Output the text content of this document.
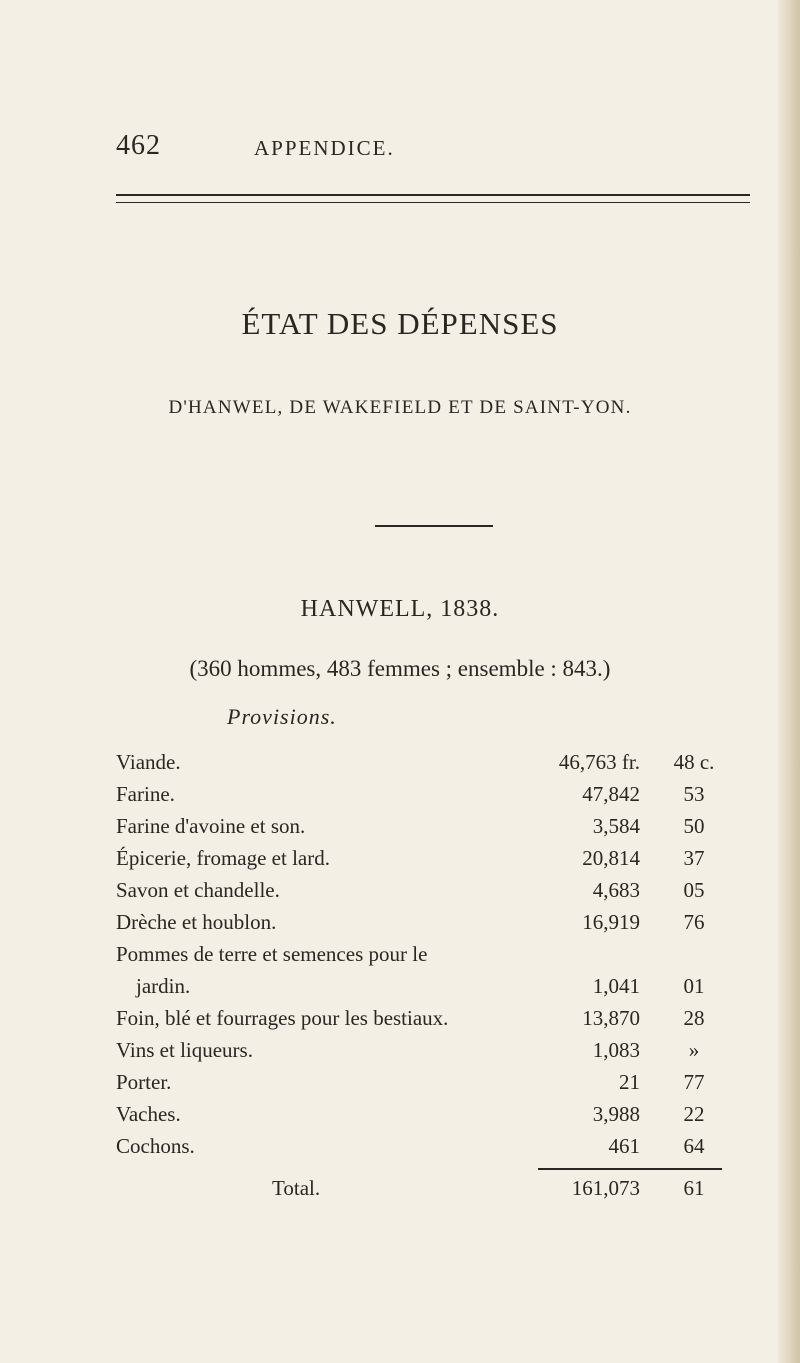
462	APPENDICE.
ÉTAT DES DÉPENSES
D'HANWEL, DE WAKEFIELD ET DE SAINT-YON.
HANWELL, 1838.
(360 hommes, 483 femmes ; ensemble : 843.)
Provisions.
Viande.	46,763 fr.	48 c.
Farine.	47,842	53
Farine d'avoine et son.	3,584	50
Épicerie, fromage et lard.	20,814	37
Savon et chandelle.	4,683	05
Drèche et houblon.	16,919	76
Pommes de terre et semences pour le
jardin.	1,041	01
Foin, blé et fourrages pour les bestiaux.	13,870	28
Vins et liqueurs.	1,083	»
Porter.	21	77
Vaches.	3,988	22
Cochons.	461	64
Total.	161,073	61
